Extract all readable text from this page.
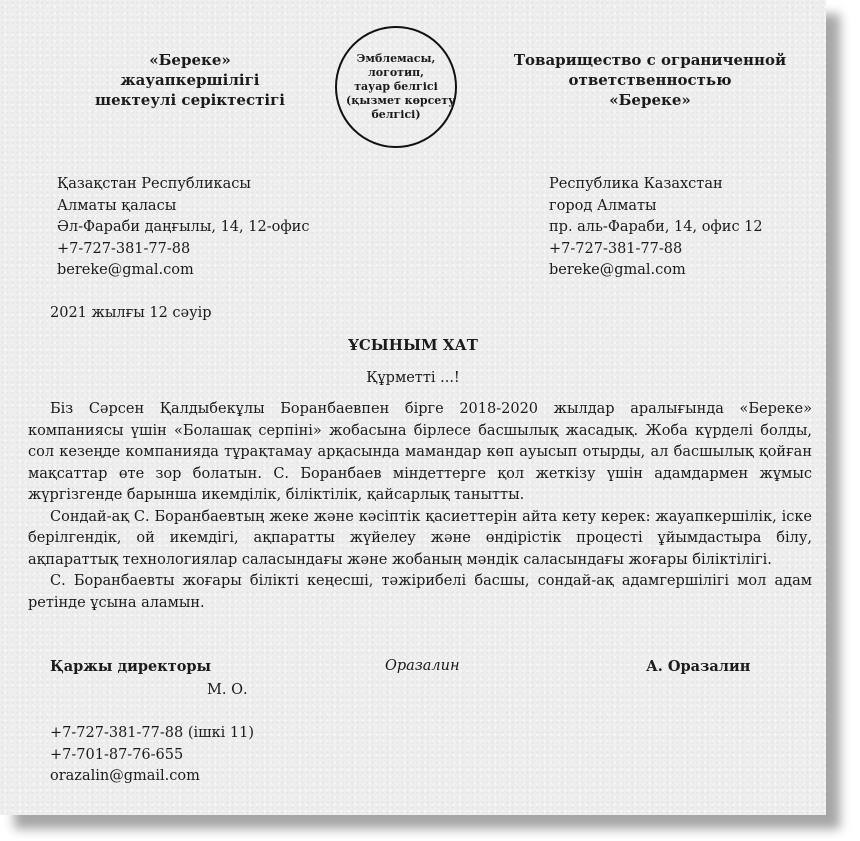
«Береке»
жауапкершілігі
шектеулі серіктестігі
Эмблемасы,
логотип,
тауар белгісі
(қызмет көрсету
белгісі)
Товарищество с ограниченной
ответственностью
«Береке»
Қазақстан Республикасы
Алматы қаласы
Әл-Фараби даңғылы, 14, 12-офис
+7-727-381-77-88
bereke@gmal.com
Республика Казахстан
город Алматы
пр. аль-Фараби, 14, офис 12
+7-727-381-77-88
bereke@gmal.com
2021 жылғы 12 сәуір
ҰСЫНЫМ ХАТ
Құрметті ...!

Біз Сәрсен Қалдыбекұлы Боранбаевпен бірге 2018-2020 жылдар аралығында «Береке» компаниясы үшін «Болашақ серпіні» жобасына бірлесе басшылық жасадық. Жоба күрделі болды, сол кезеңде компанияда тұрақтамау арқасында мамандар көп ауысып отырды, ал басшылық қойған мақсаттар өте зор болатын. С. Боранбаев міндеттерге қол жеткізу үшін адамдармен жұмыс жүргізгенде барынша икемділік, біліктілік, қайсарлық танытты.

Сондай-ақ С. Боранбаевтың жеке және кәсіптік қасиеттерін айта кету керек: жауапкершілік, іске берілгендік, ой икемдігі, ақпаратты жүйелеу және өндірістік процесті ұйымдастыра білу, ақпараттық технологиялар саласындағы және жобаның мәндік саласындағы жоғары біліктілігі.

С. Боранбаевты жоғары білікті кеңесші, тәжірибелі басшы, сондай-ақ адамгершілігі мол адам ретінде ұсына аламын.

Қаржы директоры	Оразалин	А. Оразалин
М. О.
+7-727-381-77-88 (ішкі 11)
+7-701-87-76-655
orazalin@gmail.com
